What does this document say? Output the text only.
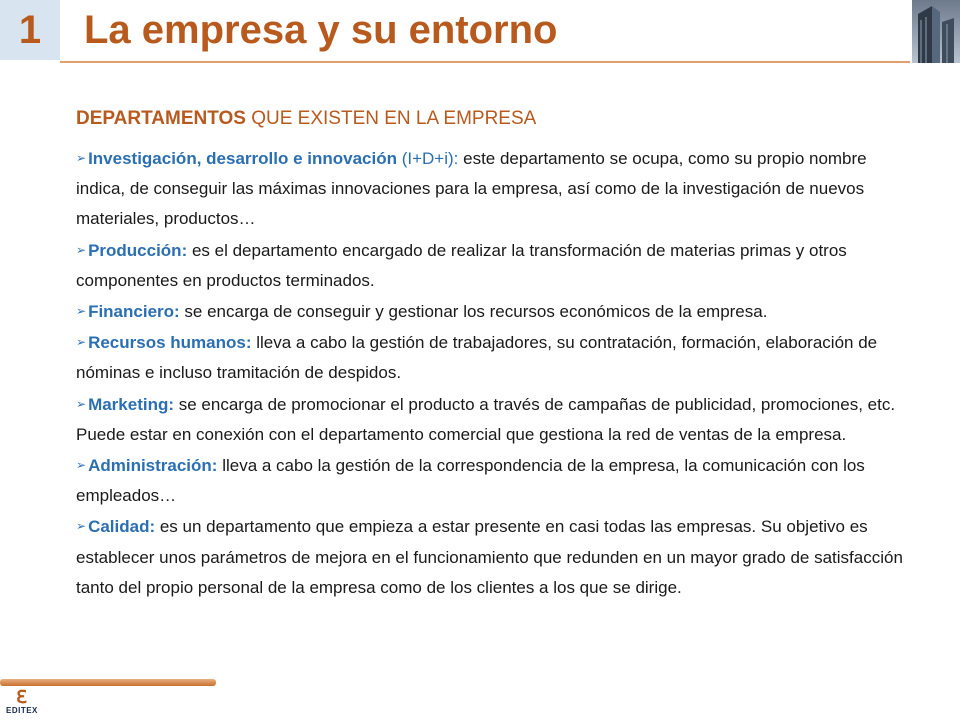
1 La empresa y su entorno
DEPARTAMENTOS QUE EXISTEN EN LA EMPRESA

➢ Investigación, desarrollo e innovación (I+D+i): este departamento se ocupa, como su propio nombre indica, de conseguir las máximas innovaciones para la empresa, así como de la investigación de nuevos materiales, productos…

➢ Producción: es el departamento encargado de realizar la transformación de materias primas y otros componentes en productos terminados.

➢ Financiero: se encarga de conseguir y gestionar los recursos económicos de la empresa.

➢ Recursos humanos: lleva a cabo la gestión de trabajadores, su contratación, formación, elaboración de nóminas e incluso tramitación de despidos.

➢ Marketing: se encarga de promocionar el producto a través de campañas de publicidad, promociones, etc. Puede estar en conexión con el departamento comercial que gestiona la red de ventas de la empresa.

➢ Administración: lleva a cabo la gestión de la correspondencia de la empresa, la comunicación con los empleados…

➢ Calidad: es un departamento que empieza a estar presente en casi todas las empresas. Su objetivo es establecer unos parámetros de mejora en el funcionamiento que redunden en un mayor grado de satisfacción tanto del propio personal de la empresa como de los clientes a los que se dirige.

ℇ
EDITEX
